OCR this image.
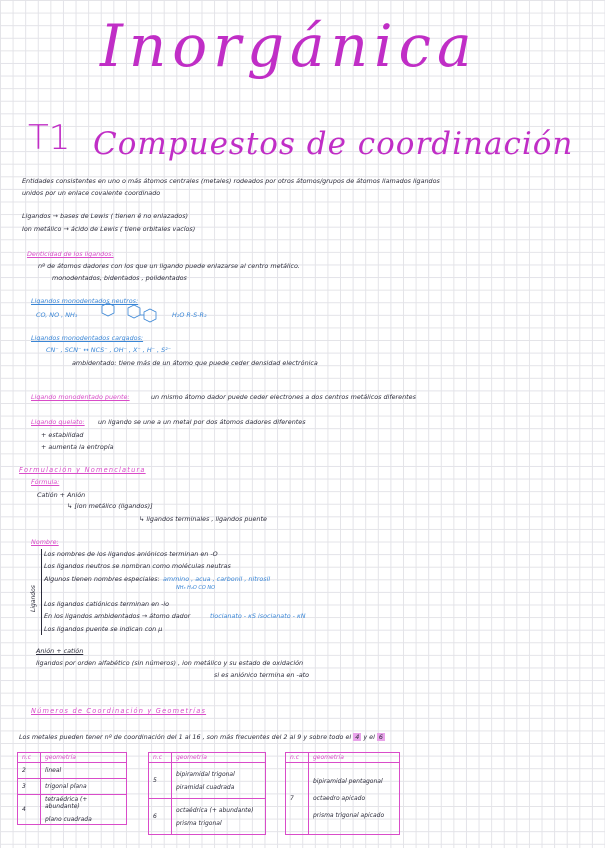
Inorgánica
T1 Compuestos de coordinación
Entidades consistentes en uno o más átomos centrales (metales) rodeados por otros átomos/grupos de átomos llamados ligandos
unidos por un enlace covalente coordinado
Ligandos → bases de Lewis ( tienen é no enlazados)
Ion metálico → ácido de Lewis ( tiene orbitales vacíos)
Denticidad de los ligandos:
nº de átomos dadores con los que un ligando puede enlazarse al centro metálico.
monodentados, bidentados , polidentados
Ligandos monodentados neutros:
CO, NO , NH₃	H₂O R-S-R₂
Ligandos monodentados cargados:
CN⁻ , SCN⁻ ↔ NCS⁻ , OH⁻ , X⁻ , H⁻ , S²⁻
ambidentado: tiene más de un átomo que puede ceder densidad electrónica
Ligando monodentado puente:	un mismo átomo dador puede ceder electrones a dos centros metálicos diferentes
Ligando quelato: un ligando se une a un metal por dos átomos dadores diferentes
+ estabilidad
+ aumenta la entropía
Formulación y Nomenclatura
Fórmula:
Catión + Anión
↳ [ion metálico (ligandos)]
↳ ligandos terminales , ligandos puente
Nombre:
Ligandos
Los nombres de los ligandos aniónicos terminan en -O
Los ligandos neutros se nombran como moléculas neutras
Algunos tienen nombres especiales: ammino , acua , carbonil , nitrosil
NH₃ H₂O CO NO
Los ligandos catiónicos terminan en -io
En los ligandos ambidentados → átomo dador	tiocianato - κS isocianato - κN
Los ligandos puente se indican con μ
Anión + catión
ligandos por orden alfabético (sin números) , ion metálico y su estado de oxidación
si es aniónico termina en -ato
Números de Coordinación y Geometrías
Los metales pueden tener nº de coordinación del 1 al 16 , son más frecuentes del 2 al 9 y sobre todo el 4 y el 6
n.c	geometría
2	lineal
3	trigonal plana
4	tetraédrica (+ abundante)
plano cuadrada
n.c	geometría
5	bipiramidal trigonal
piramidal cuadrada

6	octaédrica (+ abundante)
prisma trigonal
n.c	geometría
7	bipiramidal pentagonal
octaedro apicado
prisma trigonal apicado
